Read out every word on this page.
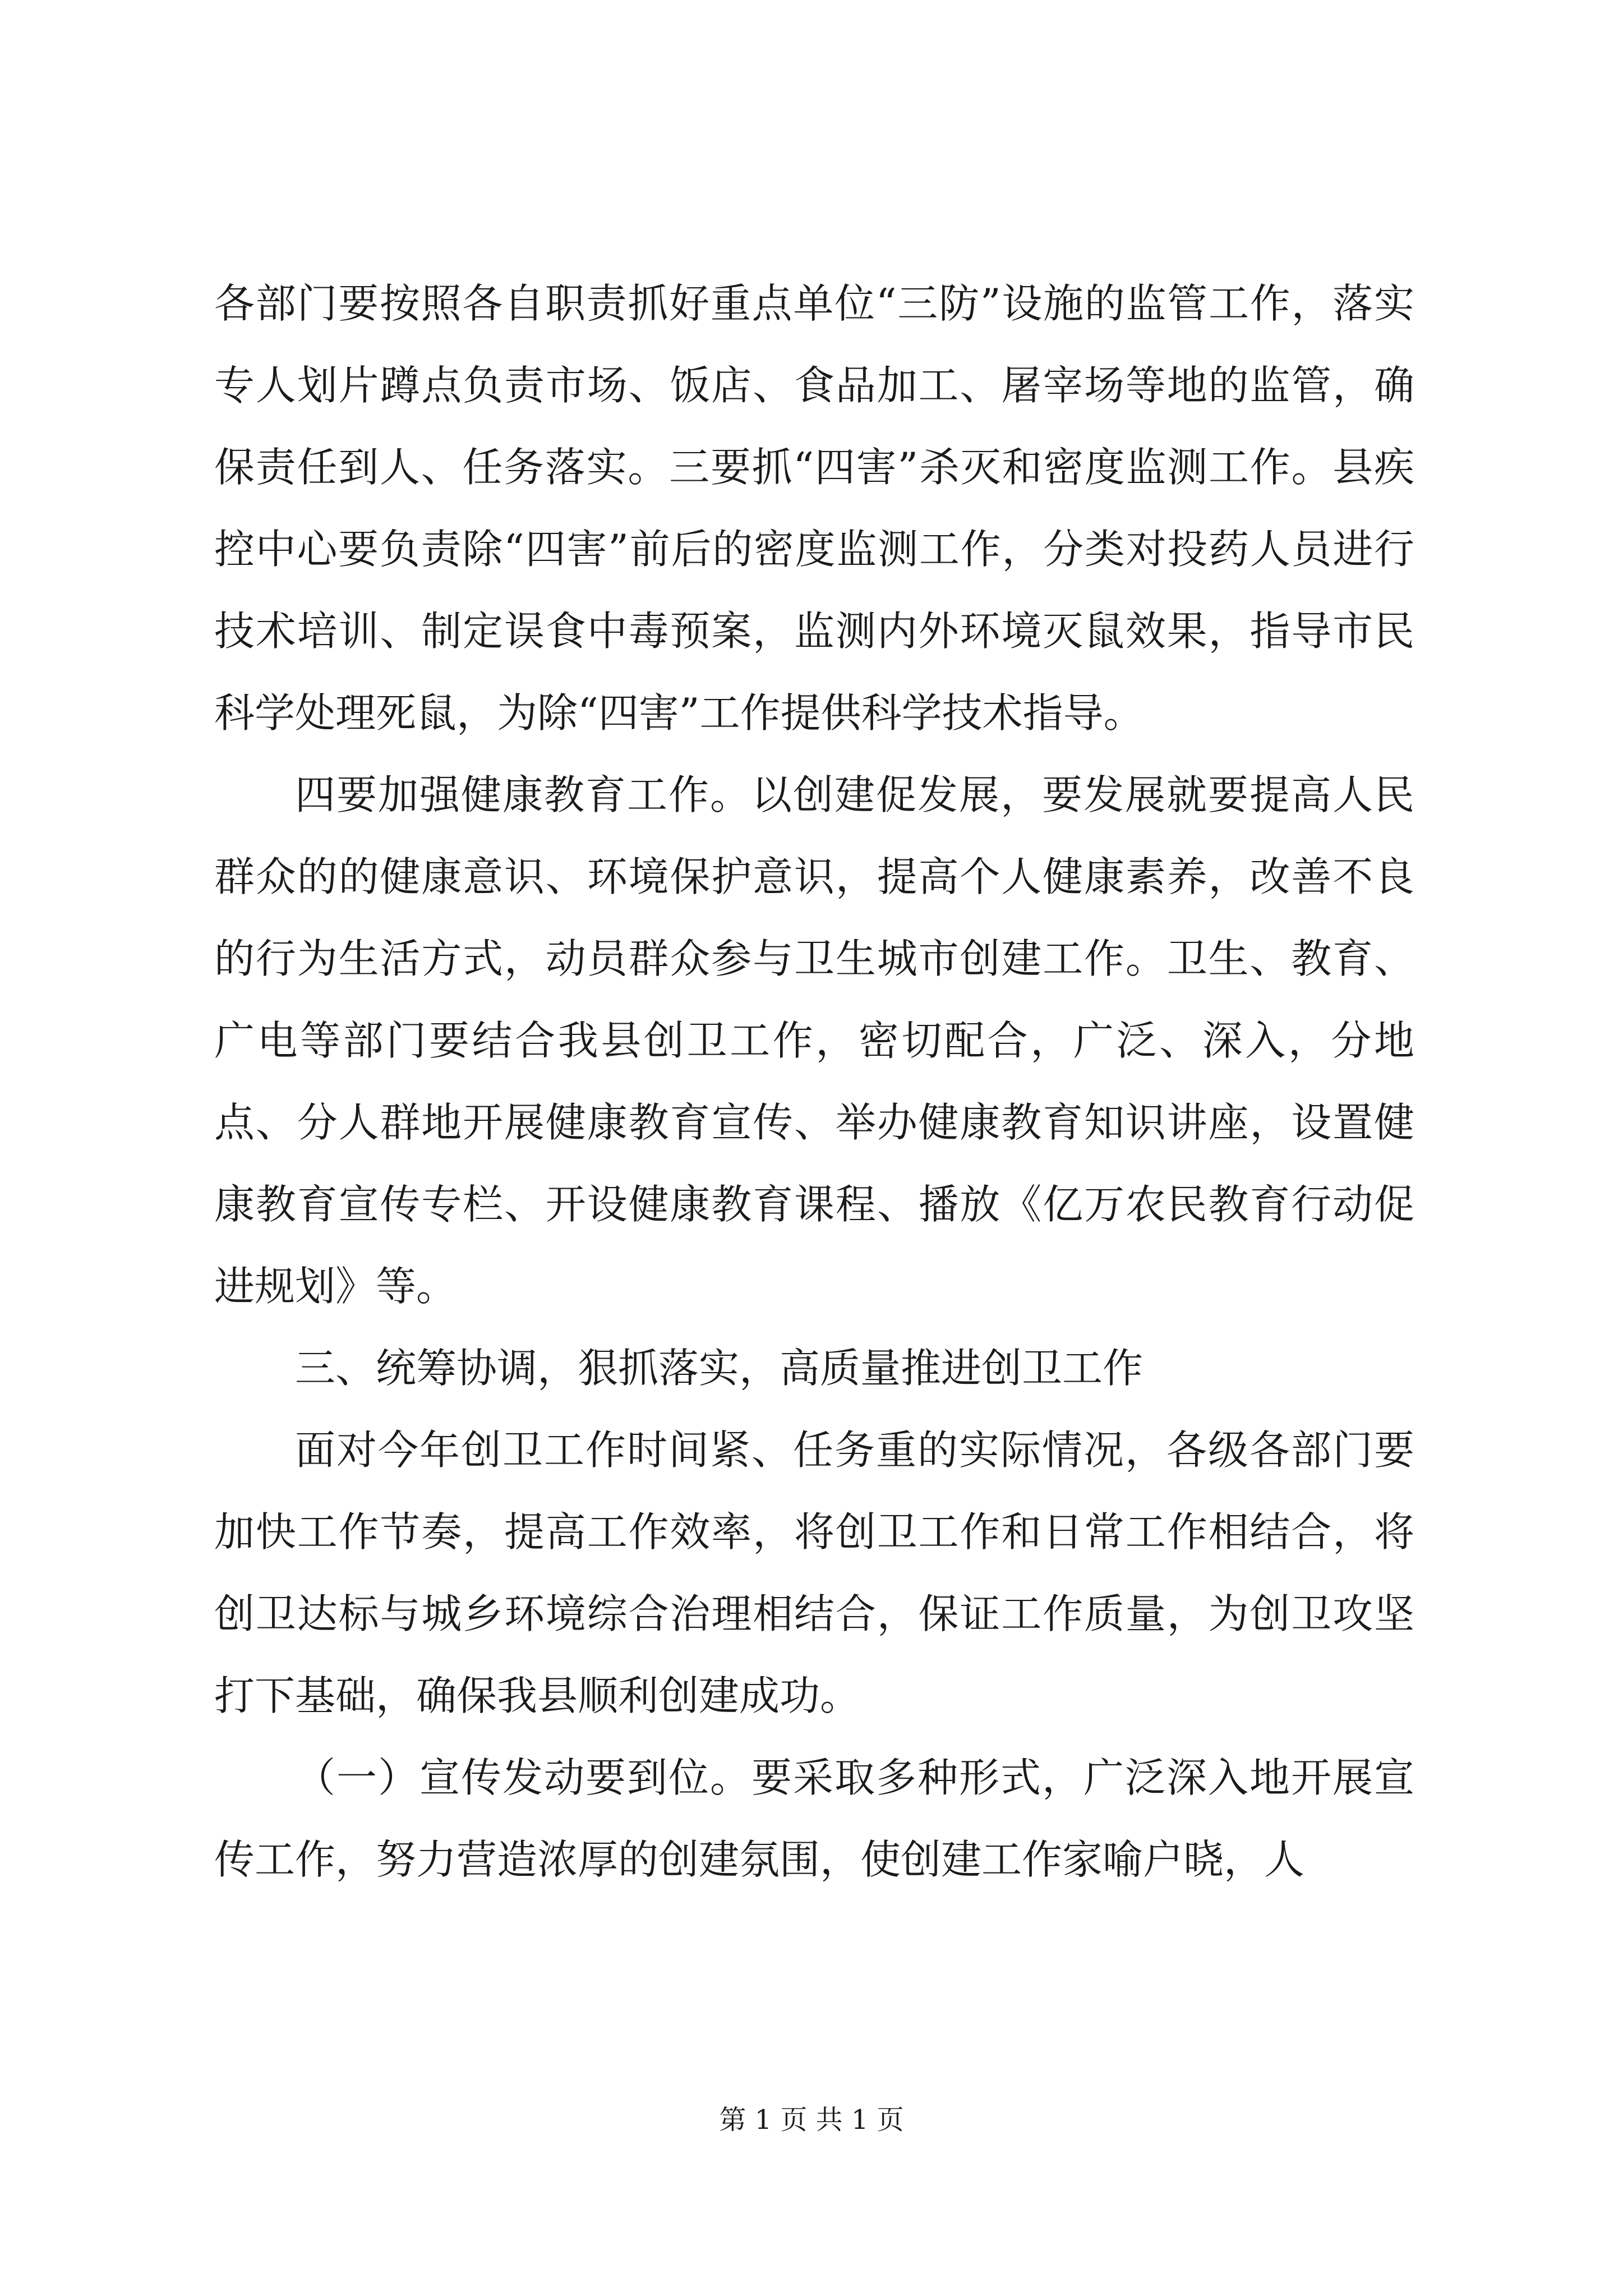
各部门要按照各自职责抓好重点单位“三防”设施的监管工作，落实专人划片蹲点负责市场、饭店、食品加工、屠宰场等地的监管，确保责任到人、任务落实。三要抓“四害”杀灭和密度监测工作。县疾控中心要负责除“四害”前后的密度监测工作，分类对投药人员进行技术培训、制定误食中毒预案，监测内外环境灭鼠效果，指导市民科学处理死鼠，为除“四害”工作提供科学技术指导。

四要加强健康教育工作。以创建促发展，要发展就要提高人民群众的的健康意识、环境保护意识，提高个人健康素养，改善不良的行为生活方式，动员群众参与卫生城市创建工作。卫生、教育、广电等部门要结合我县创卫工作，密切配合，广泛、深入，分地点、分人群地开展健康教育宣传、举办健康教育知识讲座，设置健康教育宣传专栏、开设健康教育课程、播放《亿万农民教育行动促进规划》等。

三、统筹协调，狠抓落实，高质量推进创卫工作

面对今年创卫工作时间紧、任务重的实际情况，各级各部门要加快工作节奏，提高工作效率，将创卫工作和日常工作相结合，将创卫达标与城乡环境综合治理相结合，保证工作质量，为创卫攻坚打下基础，确保我县顺利创建成功。

（一）宣传发动要到位。要采取多种形式，广泛深入地开展宣传工作，努力营造浓厚的创建氛围，使创建工作家喻户晓，人

第 1 页 共 1 页
